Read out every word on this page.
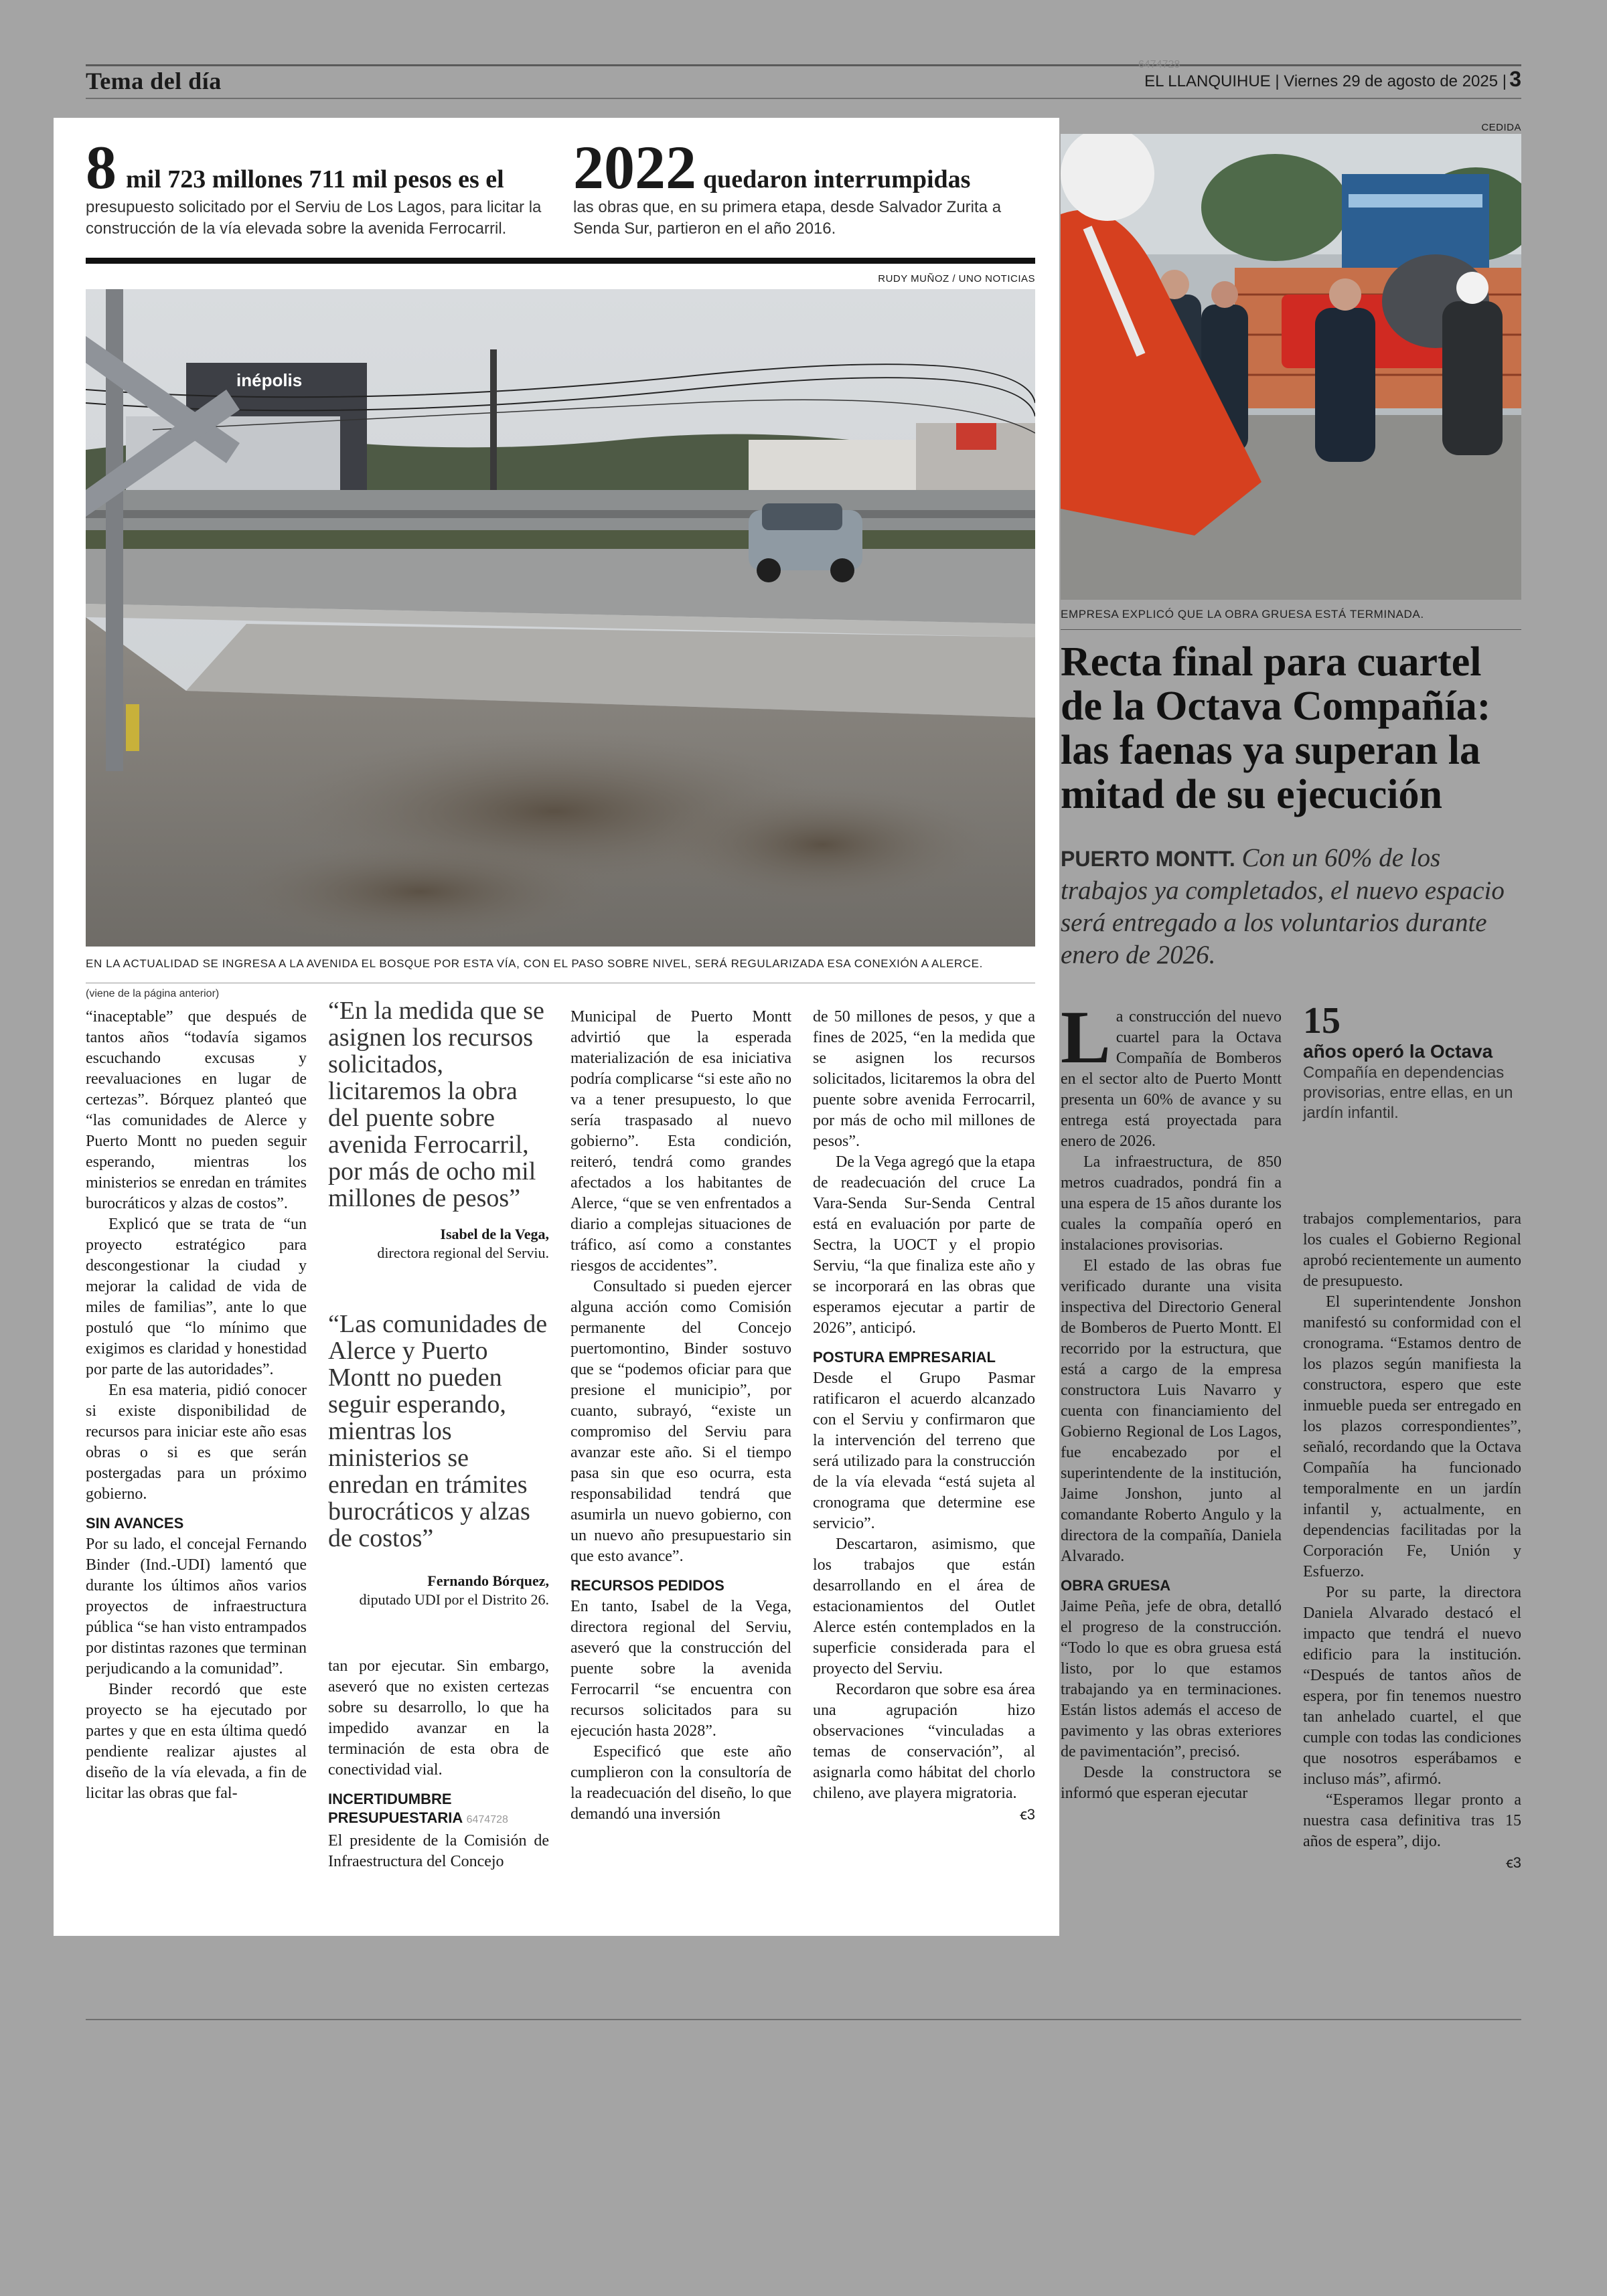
Tema del día
6474728
EL LLANQUIHUE | Viernes 29 de agosto de 2025 | 3
8 mil 723 millones 711 mil pesos es el
presupuesto solicitado por el Serviu de Los Lagos, para licitar la construcción de la vía elevada sobre la avenida Ferrocarril.
2022 quedaron interrumpidas
las obras que, en su primera etapa, desde Salvador Zurita a Senda Sur, partieron en el año 2016.
RUDY MUÑOZ / UNO NOTICIAS
inépolis
EN LA ACTUALIDAD SE INGRESA A LA AVENIDA EL BOSQUE POR ESTA VÍA, CON EL PASO SOBRE NIVEL, SERÁ REGULARIZADA ESA CONEXIÓN A ALERCE.
(viene de la página anterior)

“inaceptable” que después de tantos años “todavía sigamos escuchando excusas y reevaluaciones en lugar de certezas”. Bórquez planteó que “las comunidades de Alerce y Puerto Montt no pueden seguir esperando, mientras los ministerios se enredan en trámites burocráticos y alzas de costos”.

Explicó que se trata de “un proyecto estratégico para descongestionar la ciudad y mejorar la calidad de vida de miles de familias”, ante lo que postuló que “lo mínimo que exigimos es claridad y honestidad por parte de las autoridades”.

En esa materia, pidió conocer si existe disponibilidad de recursos para iniciar este año esas obras o si es que serán postergadas para un próximo gobierno.

SIN AVANCES

Por su lado, el concejal Fernando Binder (Ind.-UDI) lamentó que durante los últimos años varios proyectos de infraestructura pública “se han visto entrampados por distintas razones que terminan perjudicando a la comunidad”.

Binder recordó que este proyecto se ha ejecutado por partes y que en esta última quedó pendiente realizar ajustes al diseño de la vía elevada, a fin de licitar las obras que fal-

“En la medida que se asignen los recursos solicitados, licitaremos la obra del puente sobre avenida Ferrocarril, por más de ocho mil millones de pesos”
Isabel de la Vega,
directora regional del Serviu.
“Las comunidades de Alerce y Puerto Montt no pueden seguir esperando, mientras los ministerios se enredan en trámites burocráticos y alzas de costos”
Fernando Bórquez,
diputado UDI por el Distrito 26.

tan por ejecutar. Sin embargo, aseveró que no existen certezas sobre su desarrollo, lo que ha impedido avanzar en la terminación de esta obra de conectividad vial.

INCERTIDUMBRE PRESUPUESTARIA 6474728

El presidente de la Comisión de Infraestructura del Concejo

Municipal de Puerto Montt advirtió que la esperada materialización de esa iniciativa podría complicarse “si este año no va a tener presupuesto, lo que sería traspasado al nuevo gobierno”. Esta condición, reiteró, tendrá como grandes afectados a los habitantes de Alerce, “que se ven enfrentados a diario a complejas situaciones de tráfico, así como a constantes riesgos de accidentes”.

Consultado si pueden ejercer alguna acción como Comisión permanente del Concejo puertomontino, Binder sostuvo que se “podemos oficiar para que presione el municipio”, por cuanto, subrayó, “existe un compromiso del Serviu para avanzar este año. Si el tiempo pasa sin que eso ocurra, esta responsabilidad tendrá que asumirla un nuevo gobierno, con un nuevo año presupuestario sin que esto avance”.

RECURSOS PEDIDOS

En tanto, Isabel de la Vega, directora regional del Serviu, aseveró que la construcción del puente sobre la avenida Ferrocarril “se encuentra con recursos solicitados para su ejecución hasta 2028”.

Especificó que este año cumplieron con la consultoría de la readecuación del diseño, lo que demandó una inversión

de 50 millones de pesos, y que a fines de 2025, “en la medida que se asignen los recursos solicitados, licitaremos la obra del puente sobre avenida Ferrocarril, por más de ocho mil millones de pesos”.

De la Vega agregó que la etapa de readecuación del cruce La Vara-Senda Sur-Senda Central está en evaluación por parte de Sectra, la UOCT y el propio Serviu, “la que finaliza este año y se incorporará en las obras que esperamos ejecutar a partir de 2026”, anticipó.

POSTURA EMPRESARIAL

Desde el Grupo Pasmar ratificaron el acuerdo alcanzado con el Serviu y confirmaron que la intervención del terreno que será utilizado para la construcción de la vía elevada “está sujeta al cronograma que determine ese servicio”.

Descartaron, asimismo, que los trabajos que están desarrollando en el área de estacionamientos del Outlet Alerce estén contemplados en la superficie considerada para el proyecto del Serviu.

Recordaron que sobre esa área una agrupación hizo observaciones “vinculadas a temas de conservación”, al asignarla como hábitat del chorlo chileno, ave playera migratoria.

ꞓ3
CEDIDA
EMPRESA EXPLICÓ QUE LA OBRA GRUESA ESTÁ TERMINADA.
Recta final para cuartel de la Octava Compañía: las faenas ya superan la mitad de su ejecución
PUERTO MONTT. Con un 60% de los trabajos ya completados, el nuevo espacio será entregado a los voluntarios durante enero de 2026.
L a construcción del nuevo cuartel para la Octava Compañía de Bomberos en el sector alto de Puerto Montt presenta un 60% de avance y su entrega está proyectada para enero de 2026.

La infraestructura, de 850 metros cuadrados, pondrá fin a una espera de 15 años durante los cuales la compañía operó en instalaciones provisorias.

El estado de las obras fue verificado durante una visita inspectiva del Directorio General de Bomberos de Puerto Montt. El recorrido por la estructura, que está a cargo de la empresa constructora Luis Navarro y cuenta con financiamiento del Gobierno Regional de Los Lagos, fue encabezado por el superintendente de la institución, Jaime Jonshon, junto al comandante Roberto Angulo y la directora de la compañía, Daniela Alvarado.

OBRA GRUESA

Jaime Peña, jefe de obra, detalló el progreso de la construcción. “Todo lo que es obra gruesa está listo, por lo que estamos trabajando ya en terminaciones. Están listos además el acceso de pavimento y las obras exteriores de pavimentación”, precisó.

Desde la constructora se informó que esperan ejecutar

15
años operó la Octava
Compañía en dependencias provisorias, entre ellas, en un jardín infantil.

trabajos complementarios, para los cuales el Gobierno Regional aprobó recientemente un aumento de presupuesto.

El superintendente Jonshon manifestó su conformidad con el cronograma. “Estamos dentro de los plazos según manifiesta la constructora, espero que este inmueble pueda ser entregado en los plazos correspondientes”, señaló, recordando que la Octava Compañía ha funcionado temporalmente en un jardín infantil y, actualmente, en dependencias facilitadas por la Corporación Fe, Unión y Esfuerzo.

Por su parte, la directora Daniela Alvarado destacó el impacto que tendrá el nuevo edificio para la institución. “Después de tantos años de espera, por fin tenemos nuestro tan anhelado cuartel, el que cumple con todas las condiciones que nosotros esperábamos e incluso más”, afirmó.

“Esperamos llegar pronto a nuestra casa definitiva tras 15 años de espera”, dijo.

ꞓ3
